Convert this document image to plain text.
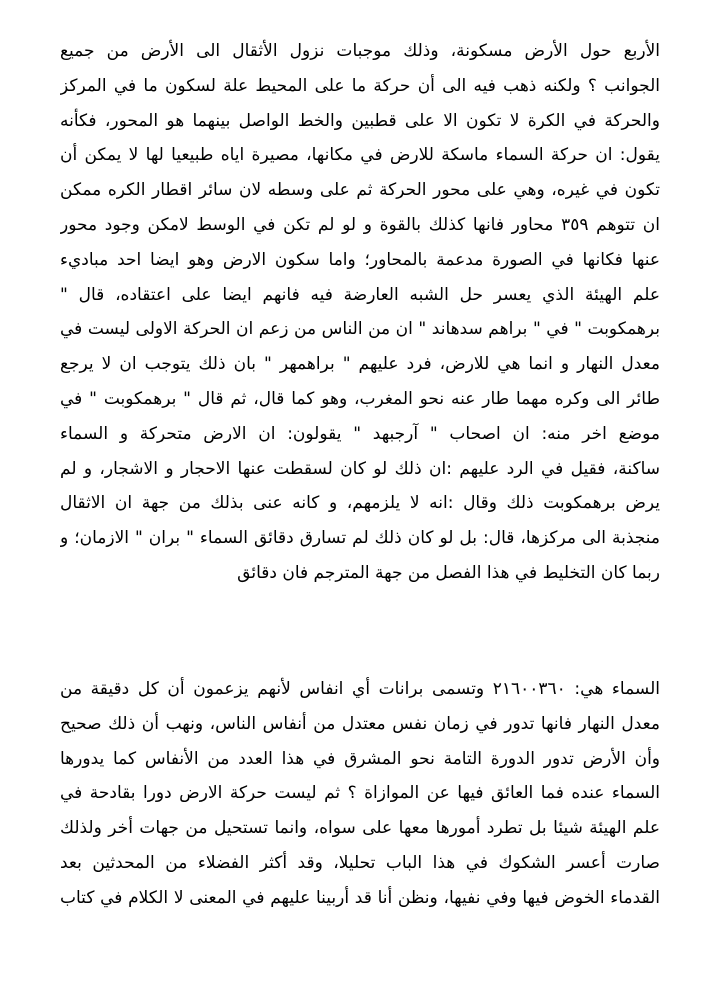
الأربع حول الأرض مسكونة، وذلك موجبات نزول الأثقال الى الأرض من جميع
الجوانب ؟ ولكنه ذهب فيه الى أن حركة ما على المحيط علة لسكون ما في المركز
والحركة في الكرة لا تكون الا على قطبين والخط الواصل بينهما هو المحور، فكأنه
يقول: ان حركة السماء ماسكة للارض في مكانها، مصيرة اياه طبيعيا لها لا يمكن أن
تكون في غيره، وهي على محور الحركة ثم على وسطه لان سائر اقطار الكره ممكن
ان تتوهم ٣٥٩ محاور فانها كذلك بالقوة و لو لم تكن في الوسط لامكن وجود محور
عنها فكانها في الصورة مدعمة بالمحاور؛ واما سكون الارض وهو ايضا احد مباديء
علم الهيئة الذي يعسر حل الشبه العارضة فيه فانهم ايضا على اعتقاده، قال "
برهمكوبت " في " براهم سدهاند " ان من الناس من زعم ان الحركة الاولى ليست في
معدل النهار و انما هي للارض، فرد عليهم " براهمهر " بان ذلك يتوجب ان لا يرجع
طائر الى وكره مهما طار عنه نحو المغرب، وهو كما قال، ثم قال " برهمكوبت " في
موضع اخر منه: ان اصحاب " آرجبهد " يقولون: ان الارض متحركة و السماء
ساكنة، فقيل في الرد عليهم :ان ذلك لو كان لسقطت عنها الاحجار و الاشجار، و لم
يرض برهمكوبت ذلك وقال :انه لا يلزمهم، و كانه عنى بذلك من جهة ان الاثقال
منجذبة الى مركزها، قال: بل لو كان ذلك لم تسارق دقائق السماء " بران " الازمان؛ و
ربما كان التخليط في هذا الفصل من جهة المترجم فان دقائق
السماء هي: ٢١٦٠٠٣٦٠ وتسمى برانات أي انفاس لأنهم يزعمون أن كل دقيقة من
معدل النهار فانها تدور في زمان نفس معتدل من أنفاس الناس، ونهب أن ذلك صحيح
وأن الأرض تدور الدورة التامة نحو المشرق في هذا العدد من الأنفاس كما يدورها
السماء عنده فما العائق فيها عن الموازاة ؟ ثم ليست حركة الارض دورا بقادحة في
علم الهيئة شيئا بل تطرد أمورها معها على سواه، وانما تستحيل من جهات أخر ولذلك
صارت أعسر الشكوك في هذا الباب تحليلا، وقد أكثر الفضلاء من المحدثين بعد
القدماء الخوض فيها وفي نفيها، ونظن أنا قد أربينا عليهم في المعنى لا الكلام في كتاب
